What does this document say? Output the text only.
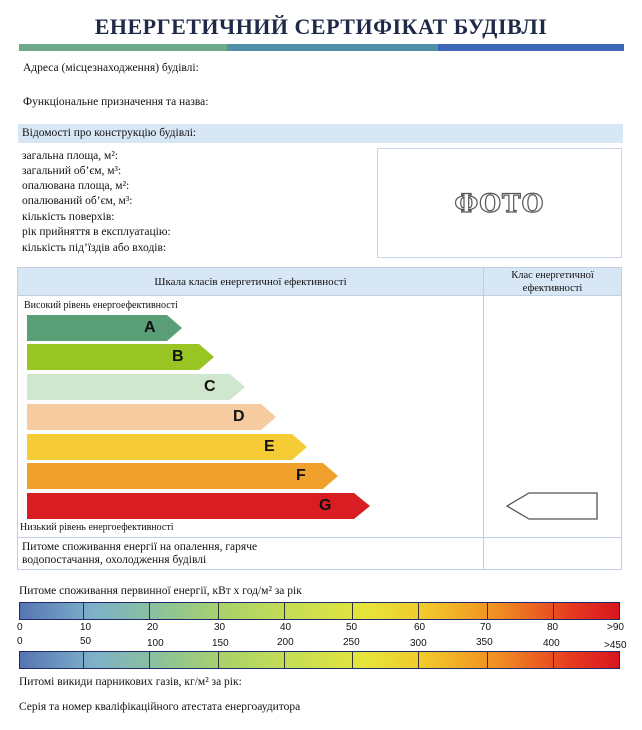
ЕНЕРГЕТИЧНИЙ СЕРТИФІКАТ БУДІВЛІ
Адреса (місцезнаходження) будівлі:
Функціональне призначення та назва:
Відомості про конструкцію будівлі:
загальна площа, м²:
загальний об’єм, м³:
опалювана площа, м²:
опалюваний об’єм, м³:
кількість поверхів:
рік прийняття в експлуатацію:
кількість під’їздів або входів:
ФОТО
Шкала класів енергетичної ефективності	Клас енергетичної ефективності
Високий рівень енергоефективності
Низький рівень енергоефективності
A
B
C
D
E
F
G
Питоме споживання енергії на опалення, гаряче водопостачання, охолодження будівлі
Питоме споживання первинної енергії, кВт х год/м² за рік
0	10	20	30	40	50	60	70	80	>90
0	50	100	150	200	250	300	350	400	>450
Питомі викиди парникових газів, кг/м² за рік:
Серія та номер кваліфікаційного атестата енергоаудитора
